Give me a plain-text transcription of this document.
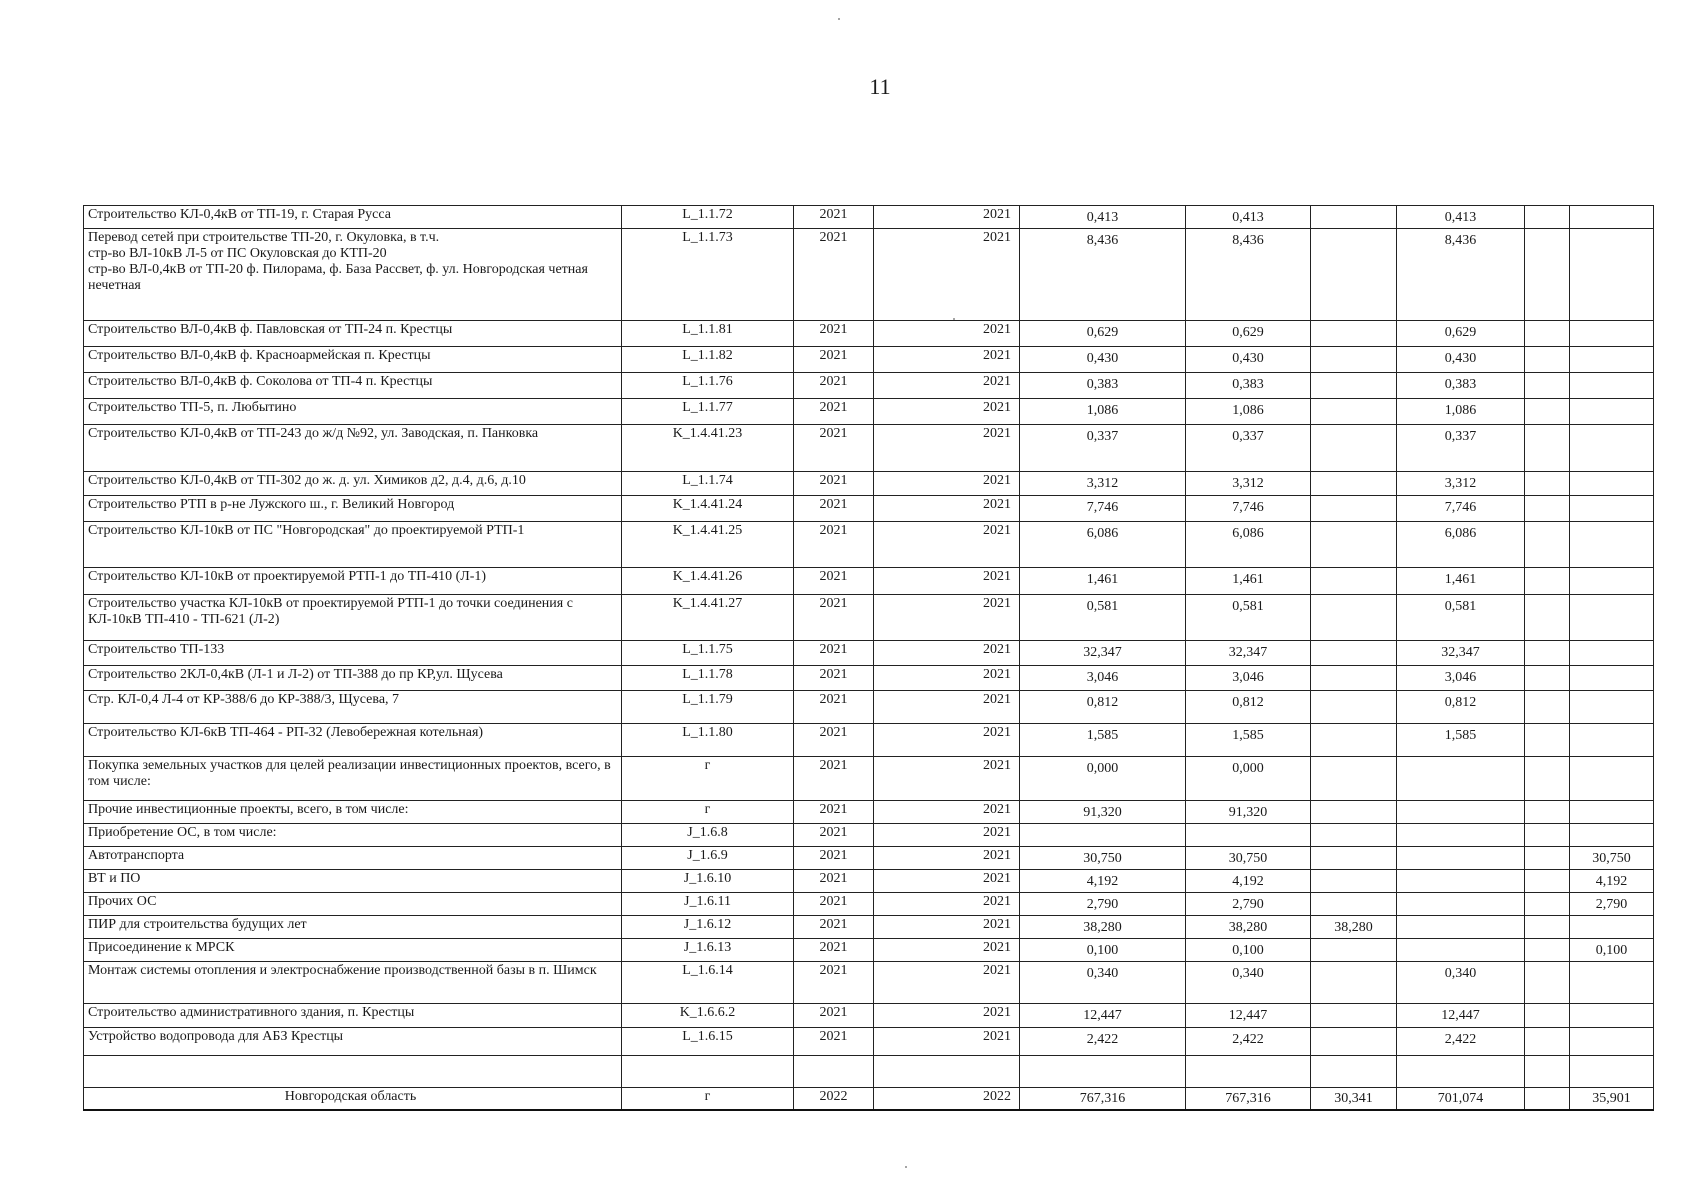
11
Строительство КЛ-0,4кВ от ТП-19, г. Старая Русса	L_1.1.72	2021	2021	0,413	0,413		0,413		
Перевод сетей при строительстве ТП-20, г. Окуловка, в т.ч.
стр-во ВЛ-10кВ Л-5 от ПС Окуловская до КТП-20
стр-во ВЛ-0,4кВ от ТП-20 ф. Пилорама, ф. База Рассвет, ф. ул. Новгородская четная нечетная	L_1.1.73	2021	2021	8,436	8,436		8,436		
Строительство ВЛ-0,4кВ ф. Павловская от ТП-24 п. Крестцы	L_1.1.81	2021	2021	0,629	0,629		0,629		
Строительство ВЛ-0,4кВ ф. Красноармейская п. Крестцы	L_1.1.82	2021	2021	0,430	0,430		0,430		
Строительство ВЛ-0,4кВ ф. Соколова от ТП-4 п. Крестцы	L_1.1.76	2021	2021	0,383	0,383		0,383		
Строительство ТП-5, п. Любытино	L_1.1.77	2021	2021	1,086	1,086		1,086		
Строительство КЛ-0,4кВ от ТП-243 до ж/д №92, ул. Заводская, п. Панковка	K_1.4.41.23	2021	2021	0,337	0,337		0,337		
Строительство КЛ-0,4кВ от ТП-302 до ж. д. ул. Химиков д2, д.4, д.6, д.10	L_1.1.74	2021	2021	3,312	3,312		3,312		
Строительство РТП в р-не Лужского ш., г. Великий Новгород	K_1.4.41.24	2021	2021	7,746	7,746		7,746		
Строительство КЛ-10кВ от ПС "Новгородская" до проектируемой РТП-1	K_1.4.41.25	2021	2021	6,086	6,086		6,086		
Строительство КЛ-10кВ от проектируемой РТП-1 до ТП-410 (Л-1)	K_1.4.41.26	2021	2021	1,461	1,461		1,461		
Строительство участка КЛ-10кВ от проектируемой РТП-1 до точки соединения с КЛ-10кВ ТП-410 - ТП-621 (Л-2)	K_1.4.41.27	2021	2021	0,581	0,581		0,581		
Строительство ТП-133	L_1.1.75	2021	2021	32,347	32,347		32,347		
Строительство 2КЛ-0,4кВ (Л-1 и Л-2) от ТП-388 до пр КР,ул. Щусева	L_1.1.78	2021	2021	3,046	3,046		3,046		
Стр. КЛ-0,4 Л-4 от КР-388/6 до КР-388/3, Щусева, 7	L_1.1.79	2021	2021	0,812	0,812		0,812		
Строительство КЛ-6кВ ТП-464 - РП-32 (Левобережная котельная)	L_1.1.80	2021	2021	1,585	1,585		1,585		
Покупка земельных участков для целей реализации инвестиционных проектов, всего, в том числе:	г	2021	2021	0,000	0,000				
Прочие инвестиционные проекты, всего, в том числе:	г	2021	2021	91,320	91,320				
Приобретение ОС, в том числе:	J_1.6.8	2021	2021						
Автотранспорта	J_1.6.9	2021	2021	30,750	30,750				30,750
ВТ и ПО	J_1.6.10	2021	2021	4,192	4,192				4,192
Прочих ОС	J_1.6.11	2021	2021	2,790	2,790				2,790
ПИР для строительства будущих лет	J_1.6.12	2021	2021	38,280	38,280	38,280			
Присоединение к МРСК	J_1.6.13	2021	2021	0,100	0,100				0,100
Монтаж системы отопления и электроснабжение производственной базы в п. Шимск	L_1.6.14	2021	2021	0,340	0,340		0,340		
Строительство административного здания, п. Крестцы	K_1.6.6.2	2021	2021	12,447	12,447		12,447		
Устройство водопровода для АБЗ Крестцы	L_1.6.15	2021	2021	2,422	2,422		2,422		

Новгородская область	г	2022	2022	767,316	767,316	30,341	701,074		35,901
